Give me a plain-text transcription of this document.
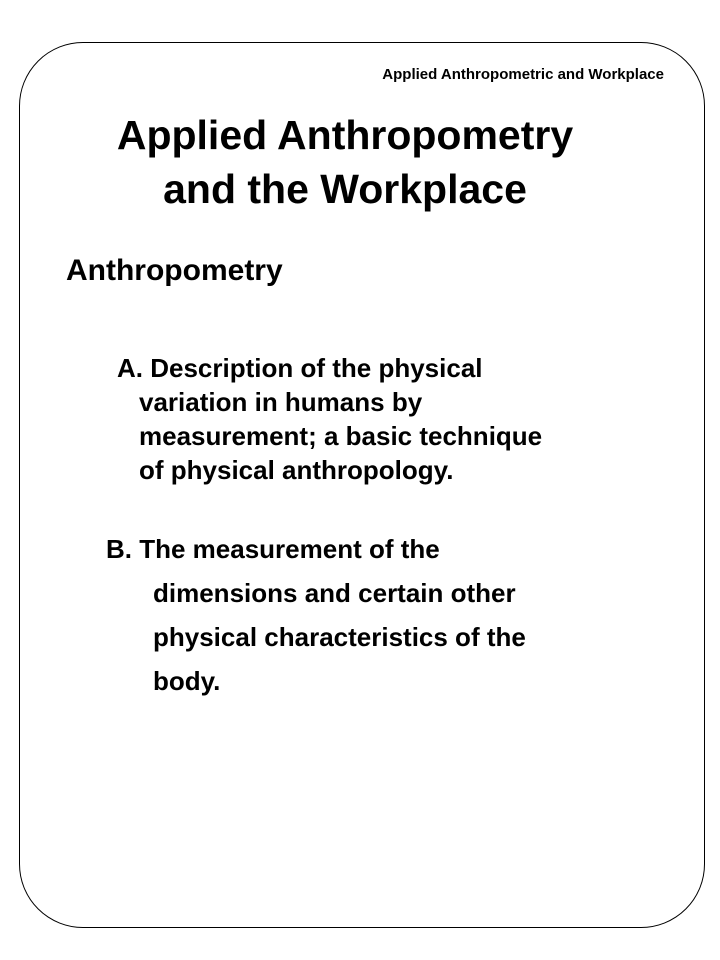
Applied Anthropometric and Workplace
Applied Anthropometry
and the Workplace
Anthropometry
A. Description of the physical
variation in humans by
measurement; a basic technique
of physical anthropology.
B. The measurement of the
dimensions and certain other
physical characteristics of the
body.
